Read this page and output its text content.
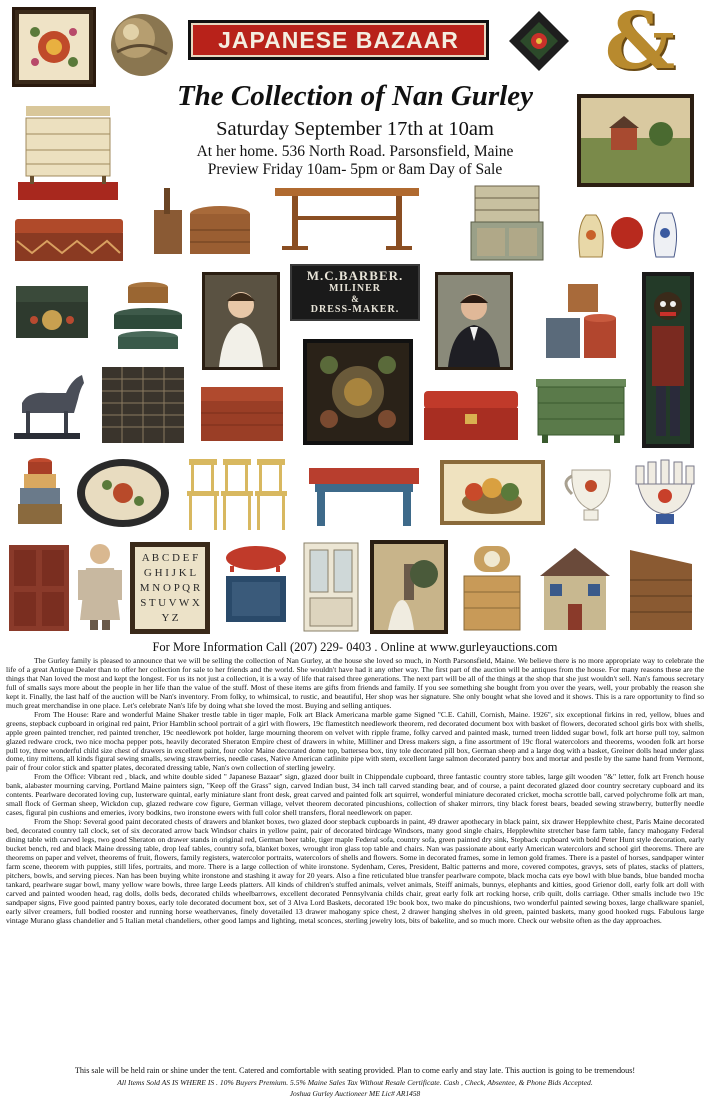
JAPANESE BAZAAR &
The Collection of Nan Gurley
Saturday September 17th at 10am
At her home. 536 North Road. Parsonsfield, Maine
Preview Friday 10am- 5pm or 8am Day of Sale
M.C.BARBER.
MILINER
&
DRESS-MAKER.
A B C D E F
G H I J K L
M N O P Q R
S T U V W X
Y Z
For More Information Call (207) 229- 0403 . Online at www.gurleyauctions.com

The Gurley family is pleased to announce that we will be selling the collection of Nan Gurley, at the house she loved so much, in North Parsonsfield, Maine. We believe there is no more appropriate way to celebrate the life of a great Antique Dealer than to offer her collection for sale to her friends and the world. She wouldn't have had it any other way. The first part of the auction will be antiques from the house. For many reasons these are the things that Nan loved the most and kept the longest. For us its not just a collection, it is a way of life that raised three generations. The next part will be all of the things at the shop that she just wouldn't sell. Nan's famous secretary full of smalls says more about the people in her life than the value of the stuff. Most of these items are gifts from friends and family. If you see something she bought from you over the years, well, your probably the reason she kept it. Finally, the last half of the auction will be Nan's inventory. From folky, to whimsical, to rustic, and beautiful, Her shop was her signature. She only bought what she loved and it shows. This is a rare opportunity to find so much great merchandise in one place. Let's celebrate Nan's life by doing what she loved the most. Buying and selling antiques.

From The House: Rare and wonderful Maine Shaker trestle table in tiger maple, Folk art Black Americana marble game Signed "C.E. Cahill, Cornish, Maine. 1926", six exceptional firkins in red, yellow, blues and greens, stepback cupboard in original red paint, Prior Hamblin school portrait of a girl with flowers, 19c flamestitch needlework theorem, red decorated document box with basket of flowers, decorated school girls box with shells, apple green painted trencher, red painted trencher, 19c needlework pot holder, large mourning theorem on velvet with ripple frame, folky carved and painted mask, turned treen lidded sugar bowl, folk art horse pull toy, salmon glazed redware crock, two nice mocha pepper pots, heavily decorated Sheraton Empire chest of drawers in white, Milliner and Dress makers sign, a fine assortment of 19c floral watercolors and theorems, wooden folk art horse pull toy, three wonderful child size chest of drawers in excellent paint, four color Maine decorated dome top, battersea box, tiny tole decorated pill box, German sheep and a large dog with a basket, Greiner dolls head under glass dome, tiny mittens, all kinds figural sewing smalls, sewing strawberries, needle cases, Native American catlinite pipe with stem, excellent large salmon decorated pantry box and mortar and pestle by the same hand from Vermont, pair of frour color stick and spatter plates, decorated dressing table, Nan's own collection of sterling jewelry.

From the Office: Vibrant red , black, and white double sided " Japanese Bazaar" sign, glazed door built in Chippendale cupboard, three fantastic country store tables, large gilt wooden "&" letter, folk art French house bank, alabaster mourning carving, Portland Maine painters sign, "Keep off the Grass" sign, carved Indian bust, 34 inch tall carved standing bear, and of course, a paint decorated glazed door country secretary cupboard and its contents. Pearlware decorated loving cup, lusterware quintal, early miniature slant front desk, great carved and painted folk art squirrel, wonderful miniature decorated cricket, mocha scrottle ball, carved polychrome folk art man, small flock of German sheep, Wickdon cup, glazed redware cow figure, German village, velvet theorem decorated pincushions, collection of shaker mirrors, tiny black forest bears, beaded sewing strawberry, butterfly needle cases, figural pin cushions and emeries, ivory bodkins, two ironstone ewers with full color shell transfers, floral needlework on paper.

From the Shop: Several good paint decorated chests of drawers and blanket boxes, two glazed door stepback cupboards in paint, 49 drawer apothecary in black paint, six drawer Hepplewhite chest, Paris Maine decorated bed, decorated country tall clock, set of six decorated arrow back Windsor chairs in yellow paint, pair of decorated birdcage Windsors, many good single chairs, Hepplewhite stretcher base farm table, fancy mahogany Federal dining table with carved legs, two good Sheraton on drawer stands in original red, German beer table, tiger maple Federal sofa, country sofa, green painted dry sink, Stepback cupboard with bold Peter Hunt style decoration, early bucket bench, red and black Maine dressing table, drop leaf tables, country sofa, blanket boxes, wrought iron glass top table and chairs. Nan was passionate about early American watercolors and school girl theorems. There are theorems on paper and velvet, theorems of fruit, flowers, family registers, watercolor portraits, watercolors of shells and flowers. Some in decorated frames, some in lemon gold frames. There is a pastel of horses, sandpaper winter farm scene, theorem with puppies, still lifes, portraits, and more. There is a large collection of white ironstone. Sydenham, Ceres, President, Baltic patterns and more, covered compotes, gravys, sets of plates, stacks of platters, pitchers, bowls, and serving pieces. Nan has been buying white ironstone and stashing it away for 20 years. Also a fine reticulated blue transfer pearlware compote, black mocha cats eye bowl with blue bands, blue banded mocha tankard, pearlware sugar bowl, many yellow ware bowls, three large Leeds platters. All kinds of children's stuffed animals, velvet animals, Steiff animals, bunnys, elephants and kitties, good Grienor doll, early folk art doll with carved and painted wooden head, rag dolls, dolls beds, decorated childs wheelbarrows, excellent decorated Pennsylvania childs chair, great early folk art rocking horse, crib quilt, dolls carriage. Other smalls include two 19c sandpaper signs, Five good painted pantry boxes, early tole decorated document box, set of 3 Alva Lord Baskets, decorated 19c book box, two make do pincushions, two wonderful painted sewing boxes, large chalkware spaniel, early silver creamers, full bodied rooster and running horse weathervanes, finely dovetailed 13 drawer mahogany spice chest, 2 drawer hanging shelves in old green, painted baskets, many good hooked rugs. Fabulous large vintage Murano glass chandelier and 5 Italian metal chandeliers, other good lamps and lighting, metal sconces, sterling jewelry lots, bits of bakelite, and so much more. Check our website often as the day approaches.

This sale will be held rain or shine under the tent. Catered and comfortable with seating provided. Plan to come early and stay late. This auction is going to be tremendous!
All Items Sold AS IS WHERE IS . 10% Buyers Premium. 5.5% Maine Sales Tax Without Resale Certificate. Cash , Check, Absentee, & Phone Bids Accepted.
Joshua Gurley Auctioneer ME Lic# AR1458
